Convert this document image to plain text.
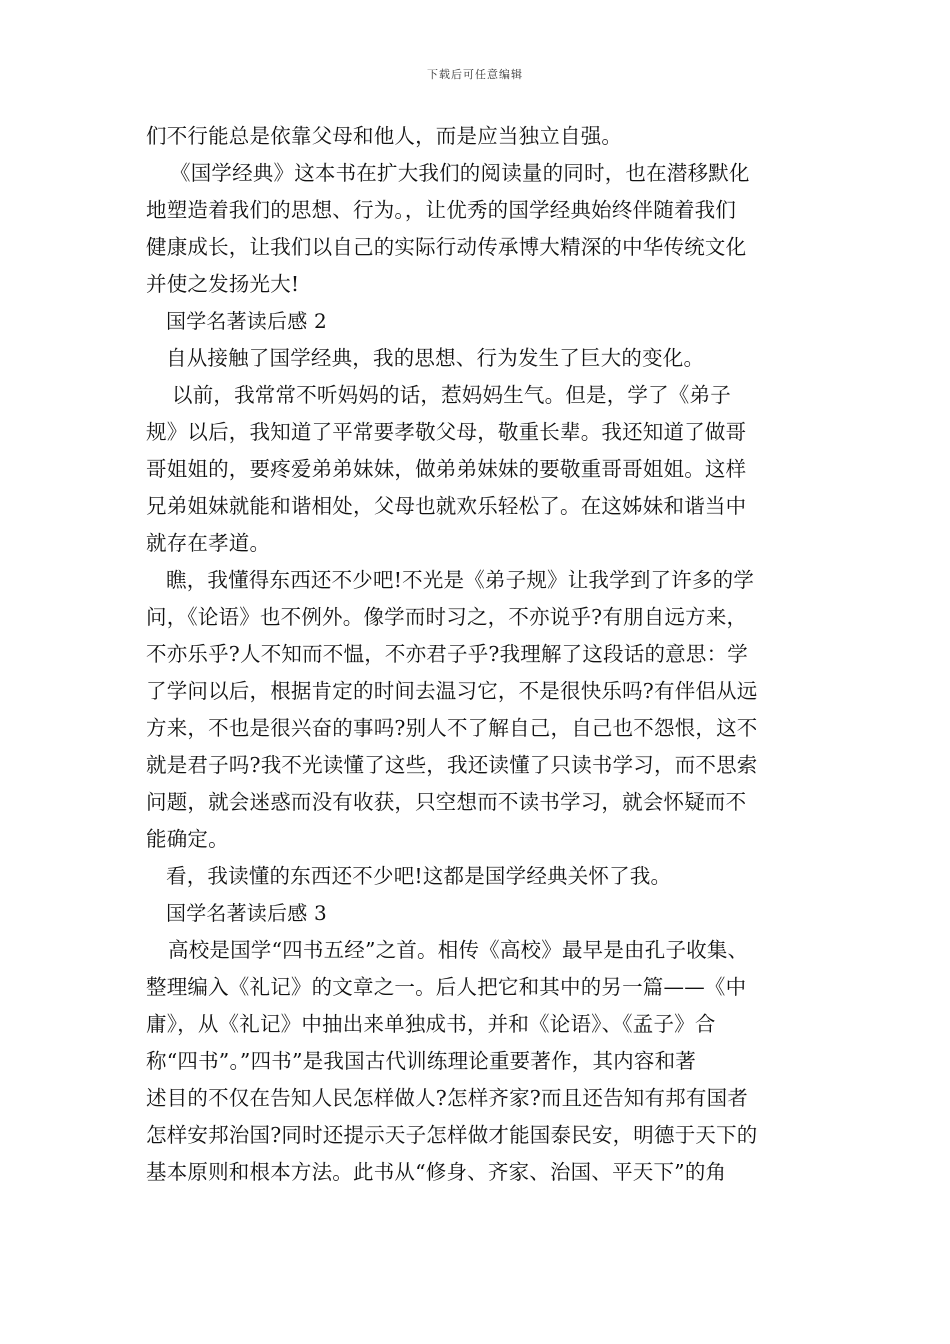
下载后可任意编辑
们不行能总是依靠父母和他人，而是应当独立自强。
《国学经典》这本书在扩大我们的阅读量的同时，也在潜移默化
地塑造着我们的思想、行为。，让优秀的国学经典始终伴随着我们
健康成长，让我们以自己的实际行动传承博大精深的中华传统文化
并使之发扬光大!
国学名著读后感 2
自从接触了国学经典，我的思想、行为发生了巨大的变化。
以前，我常常不听妈妈的话，惹妈妈生气。但是，学了《弟子
规》以后，我知道了平常要孝敬父母，敬重长辈。我还知道了做哥
哥姐姐的，要疼爱弟弟妹妹，做弟弟妹妹的要敬重哥哥姐姐。这样
兄弟姐妹就能和谐相处，父母也就欢乐轻松了。在这姊妹和谐当中
就存在孝道。
瞧，我懂得东西还不少吧!不光是《弟子规》让我学到了许多的学
问，《论语》也不例外。像学而时习之，不亦说乎?有朋自远方来，
不亦乐乎?人不知而不愠，不亦君子乎?我理解了这段话的意思：学
了学问以后，根据肯定的时间去温习它，不是很快乐吗?有伴侣从远
方来，不也是很兴奋的事吗?别人不了解自己，自己也不怨恨，这不
就是君子吗?我不光读懂了这些，我还读懂了只读书学习，而不思索
问题，就会迷惑而没有收获，只空想而不读书学习，就会怀疑而不
能确定。
看，我读懂的东西还不少吧!这都是国学经典关怀了我。
国学名著读后感 3
高校是国学“四书五经”之首。相传《高校》最早是由孔子收集、
整理编入《礼记》的文章之一。后人把它和其中的另一篇——《中
庸》，从《礼记》中抽出来单独成书，并和《论语》、《孟子》合
称“四书”。”四书”是我国古代训练理论重要著作，其内容和著
述目的不仅在告知人民怎样做人?怎样齐家?而且还告知有邦有国者
怎样安邦治国?同时还提示天子怎样做才能国泰民安，明德于天下的
基本原则和根本方法。此书从“修身、齐家、治国、平天下”的角
